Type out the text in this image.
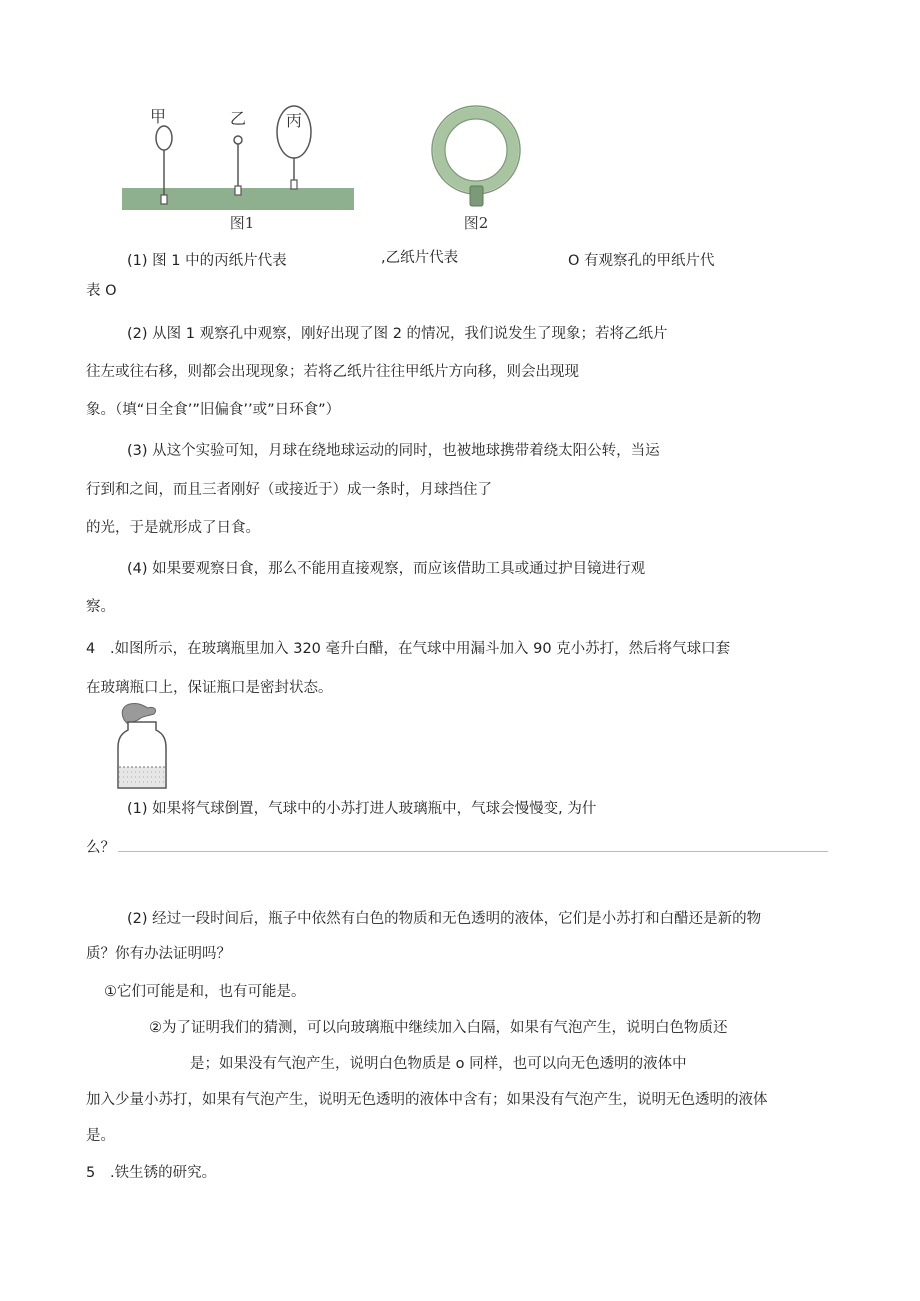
甲	乙 丙
图1	图2
(1) 图 1 中的丙纸片代表	,乙纸片代表	O 有观察孔的甲纸片代
表 O
(2) 从图 1 观察孔中观察，刚好出现了图 2 的情况，我们说发生了现象；若将乙纸片
往左或往右移，则都会出现现象；若将乙纸片往往甲纸片方向移，则会出现现
象。（填“日全食’”旧偏食’’或”日环食”）
(3) 从这个实验可知，月球在绕地球运动的同时，也被地球携带着绕太阳公转，当运
行到和之间，而且三者刚好（或接近于）成一条时，月球挡住了
的光，于是就形成了日食。
(4) 如果要观察日食，那么不能用直接观察，而应该借助工具或通过护目镜进行观
察。
4 .如图所示，在玻璃瓶里加入 320 毫升白醋，在气球中用漏斗加入 90 克小苏打，然后将气球口套
在玻璃瓶口上，保证瓶口是密封状态。
(1) 如果将气球倒置，气球中的小苏打进人玻璃瓶中，气球会慢慢变, 为什
么？
(2) 经过一段时间后，瓶子中依然有白色的物质和无色透明的液体，它们是小苏打和白醋还是新的物
质？你有办法证明吗？
①它们可能是和，也有可能是。
②为了证明我们的猜测，可以向玻璃瓶中继续加入白隔，如果有气泡产生，说明白色物质还
是；如果没有气泡产生，说明白色物质是 o 同样，也可以向无色透明的液体中
加入少量小苏打，如果有气泡产生，说明无色透明的液体中含有；如果没有气泡产生，说明无色透明的液体
是。
5 .铁生锈的研究。
